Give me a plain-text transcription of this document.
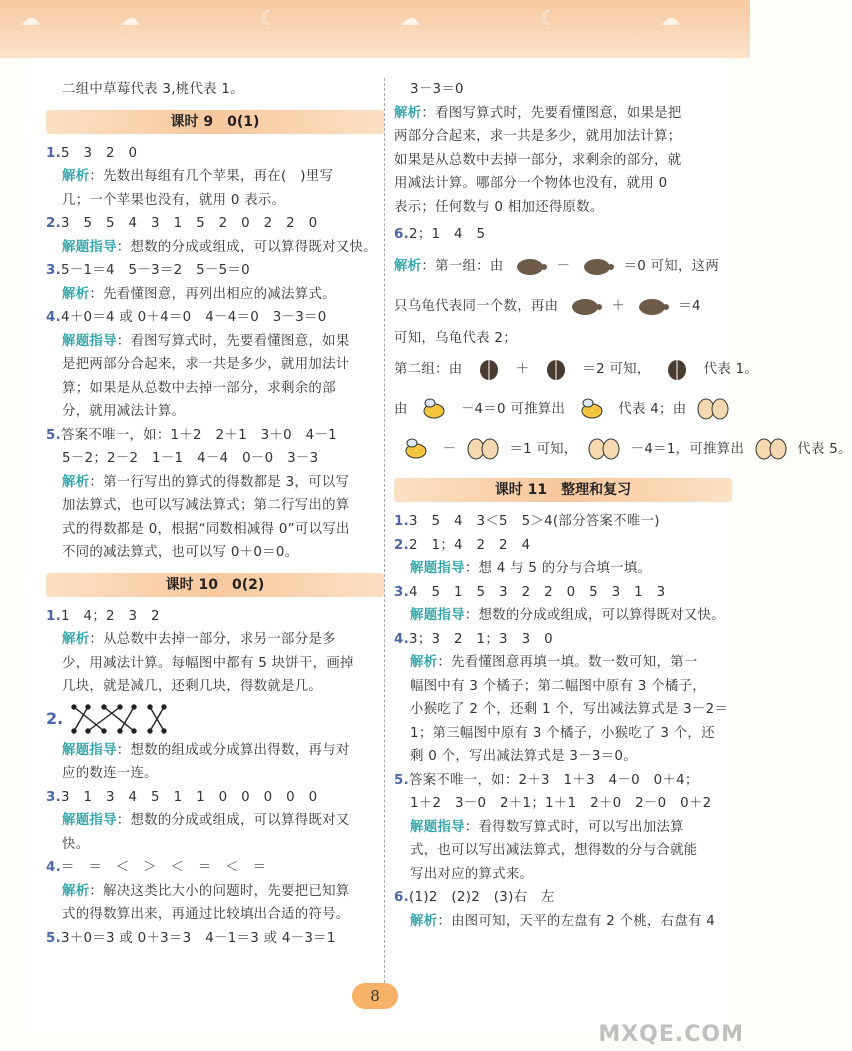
☁	☁	☾	☁	☾	☁
二组中草莓代表 3,桃代表 1。
课时 9　0(1)
1.5　3　2　0
解析：先数出每组有几个苹果，再在(　)里写
几；一个苹果也没有，就用 0 表示。
2.3　5　5　4　3　1　5　2　0　2　2　0
解题指导：想数的分成或组成，可以算得既对又快。
3.5－1＝4　5－3＝2　5－5＝0
解析：先看懂图意，再列出相应的减法算式。
4.4＋0＝4 或 0＋4＝0　4－4＝0　3－3＝0
解题指导：看图写算式时，先要看懂图意，如果
是把两部分合起来，求一共是多少，就用加法计
算；如果是从总数中去掉一部分，求剩余的部
分，就用减法计算。
5.答案不唯一，如：1＋2　2＋1　3＋0　4－1
5－2；2－2　1－1　4－4　0－0　3－3
解析：第一行写出的算式的得数都是 3，可以写
加法算式，也可以写减法算式；第二行写出的算
式的得数都是 0，根据“同数相减得 0”可以写出
不同的减法算式，也可以写 0＋0＝0。
课时 10　0(2)
1.1　4；2　3　2
解析：从总数中去掉一部分，求另一部分是多
少，用减法计算。每幅图中都有 5 块饼干，画掉
几块，就是减几，还剩几块，得数就是几。
2.
解题指导：想数的组成或分成算出得数，再与对
应的数连一连。
3.3　1　3　4　5　1　1　0　0　0　0　0
解题指导：想数的分成或组成，可以算得既对又
快。
4.＝　＝　＜　＞　＜　＝　＜　＝
解析：解决这类比大小的问题时，先要把已知算
式的得数算出来，再通过比较填出合适的符号。
5.3＋0＝3 或 0＋3＝3　4－1＝3 或 4－3＝1
3－3＝0
解析：看图写算式时，先要看懂图意，如果是把
两部分合起来，求一共是多少，就用加法计算；
如果是从总数中去掉一部分，求剩余的部分，就
用减法计算。哪部分一个物体也没有，就用 0
表示；任何数与 0 相加还得原数。
6.2；1　4　5
解析：第一组：由	－	＝0 可知，这两
只乌龟代表同一个数，再由	＋	＝4
可知，乌龟代表 2；
第二组：由	＋	＝2 可知，	代表 1。
由	－4＝0 可推算出	代表 4；由
－	＝1 可知，	－4＝1，可推算出	代表 5。
课时 11　整理和复习
1.3　5　4　3＜5　5＞4(部分答案不唯一)
2.2　1；4　2　2　4
解题指导：想 4 与 5 的分与合填一填。
3.4　5　1　5　3　2　2　0　5　3　1　3
解题指导：想数的分成或组成，可以算得既对又快。
4.3；3　2　1；3　3　0
解析：先看懂图意再填一填。数一数可知，第一
幅图中有 3 个橘子；第二幅图中原有 3 个橘子，
小猴吃了 2 个，还剩 1 个，写出减法算式是 3－2＝
1；第三幅图中原有 3 个橘子，小猴吃了 3 个，还
剩 0 个，写出减法算式是 3－3＝0。
5.答案不唯一，如：2＋3　1＋3　4－0　0＋4；
1＋2　3－0　2＋1；1＋1　2＋0　2－0　0＋2
解题指导：看得数写算式时，可以写出加法算
式，也可以写出减法算式，想得数的分与合就能
写出对应的算式来。
6.(1)2　(2)2　(3)右　左
解析：由图可知，天平的左盘有 2 个桃，右盘有 4
8
MXQE.COM
